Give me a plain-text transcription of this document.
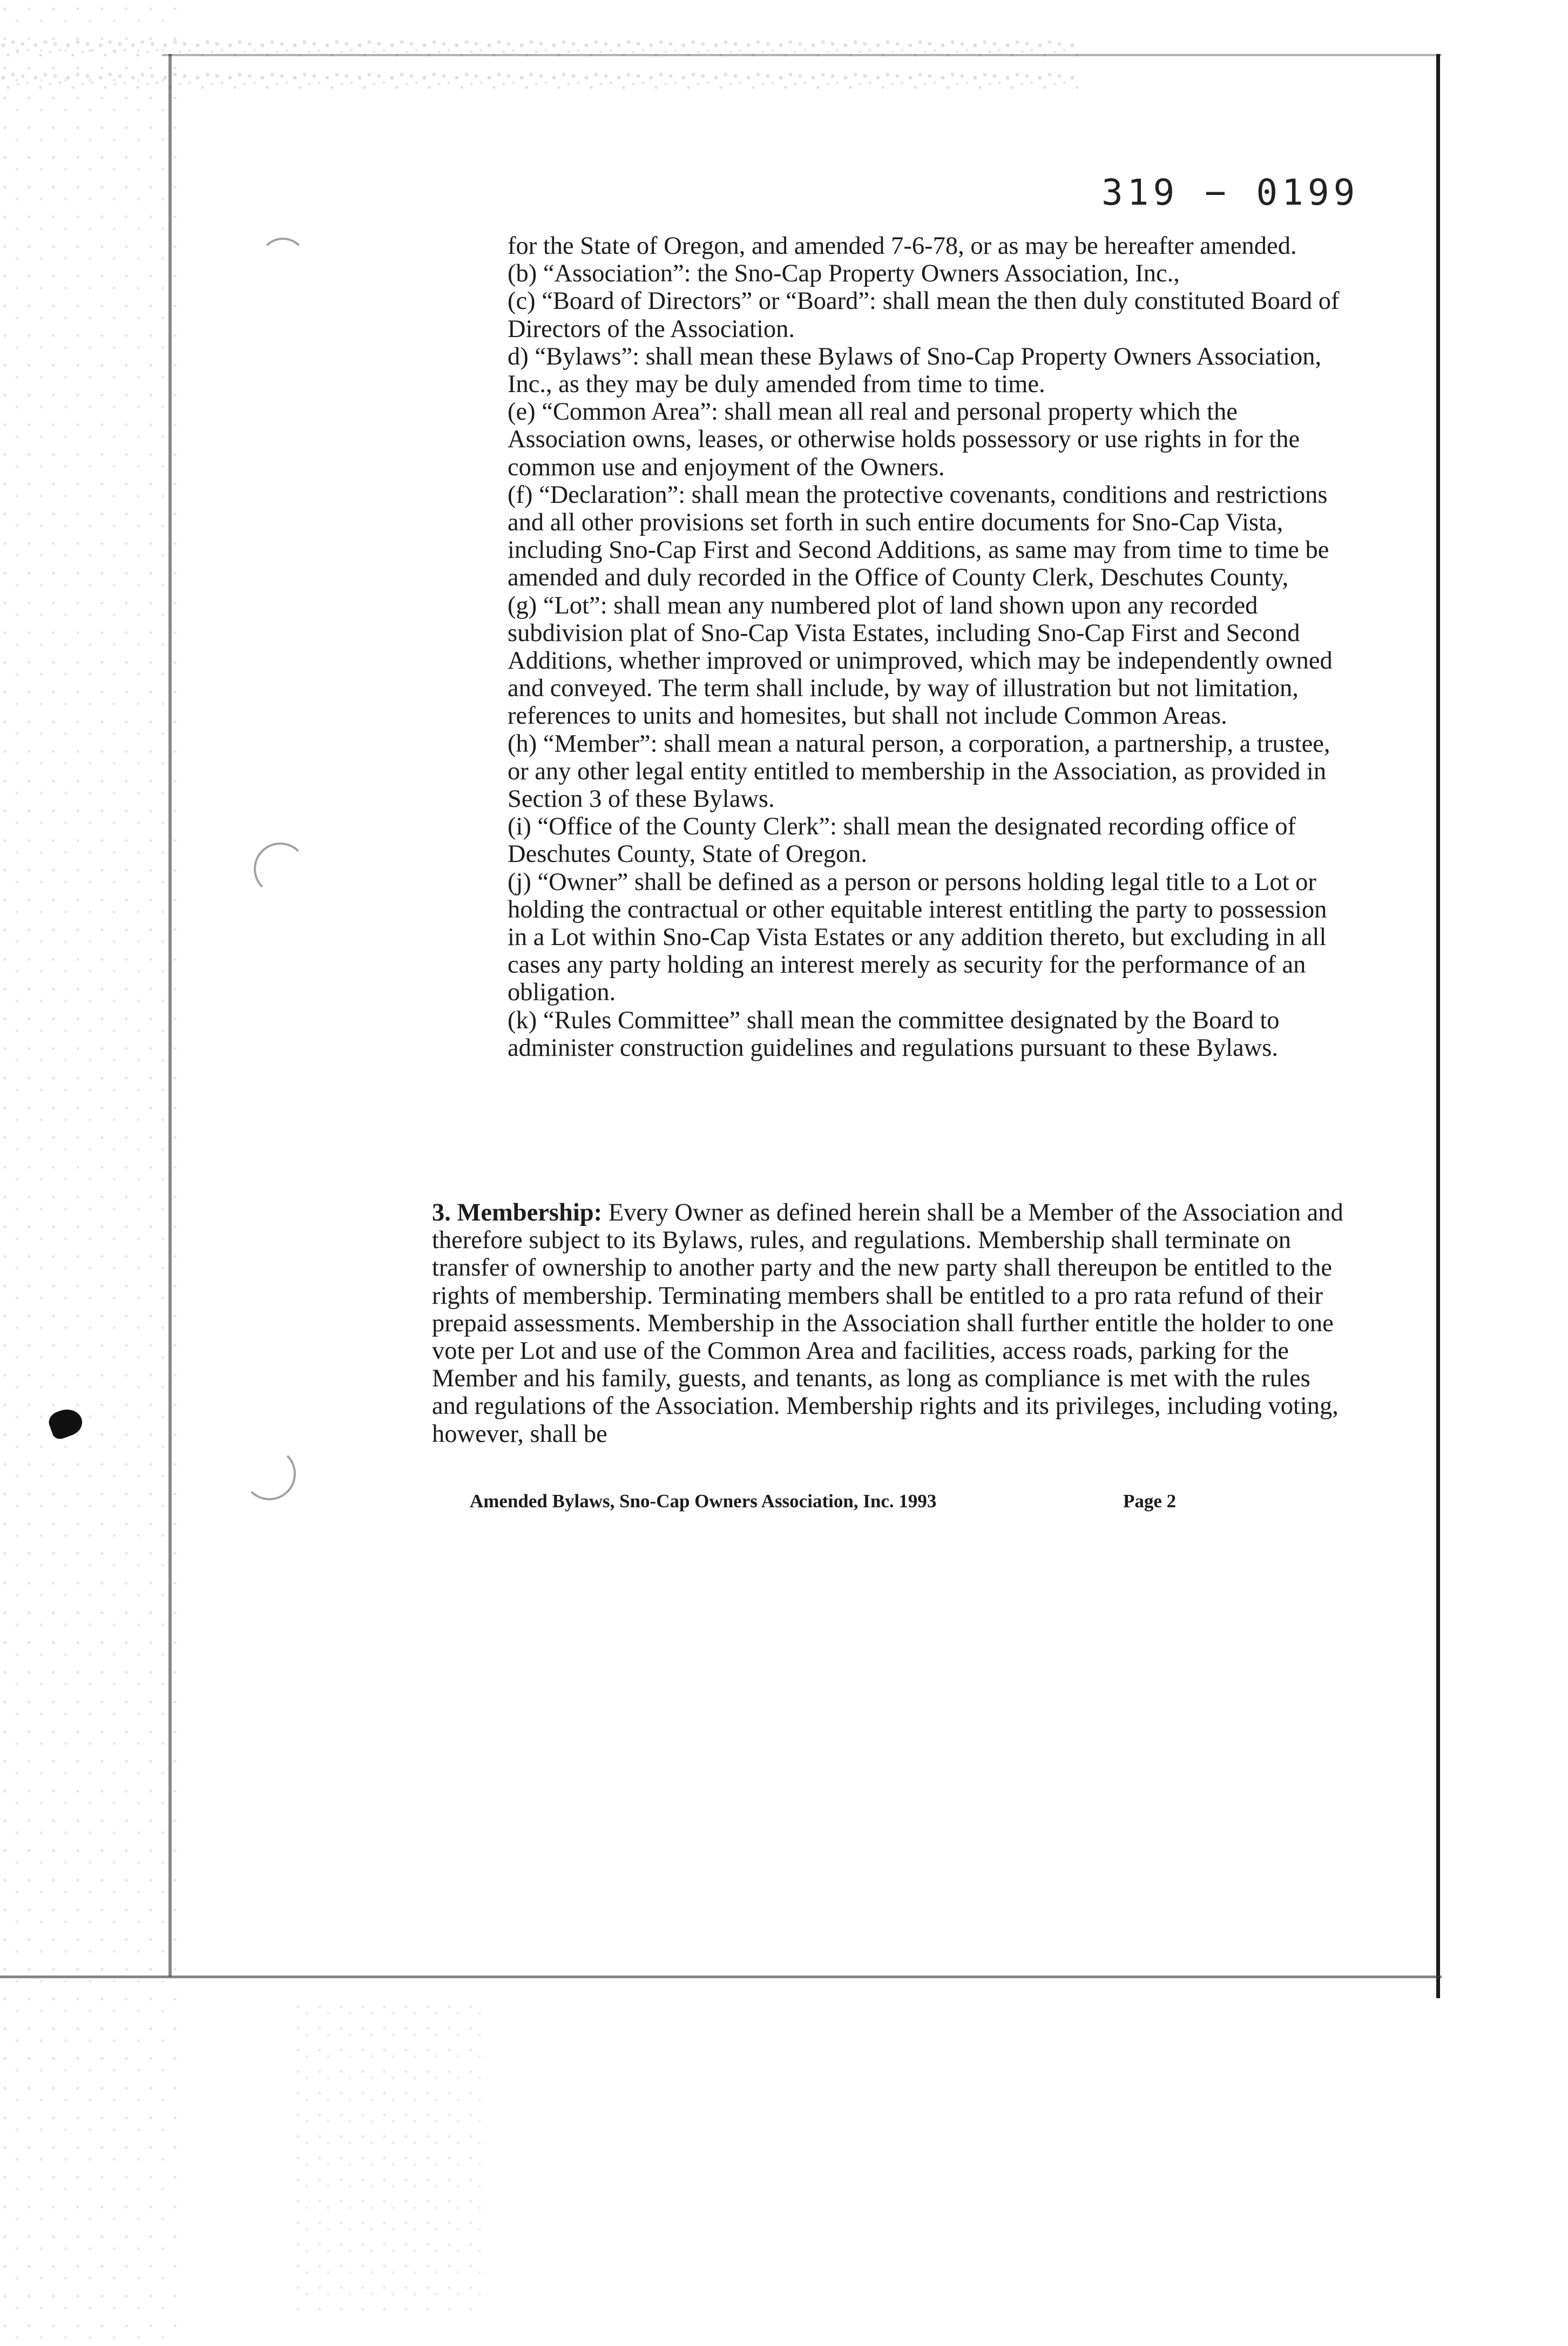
319 − 0199

for the State of Oregon, and amended 7-6-78, or as may be hereafter amended.

(b) “Association”: the Sno-Cap Property Owners Association, Inc.,

(c) “Board of Directors” or “Board”: shall mean the then duly constituted Board of Directors of the Association.

d) “Bylaws”: shall mean these Bylaws of Sno-Cap Property Owners Association, Inc., as they may be duly amended from time to time.

(e) “Common Area”: shall mean all real and personal property which the Association owns, leases, or otherwise holds possessory or use rights in for the common use and enjoyment of the Owners.

(f) “Declaration”: shall mean the protective covenants, conditions and restrictions and all other provisions set forth in such entire documents for Sno-Cap Vista, including Sno-Cap First and Second Additions, as same may from time to time be amended and duly recorded in the Office of County Clerk, Deschutes County,

(g) “Lot”: shall mean any numbered plot of land shown upon any recorded subdivision plat of Sno-Cap Vista Estates, including Sno-Cap First and Second Additions, whether improved or unimproved, which may be independently owned and conveyed. The term shall include, by way of illustration but not limitation, references to units and homesites, but shall not include Common Areas.

(h) “Member”: shall mean a natural person, a corporation, a partnership, a trustee, or any other legal entity entitled to membership in the Association, as provided in Section 3 of these Bylaws.

(i) “Office of the County Clerk”: shall mean the designated recording office of Deschutes County, State of Oregon.

(j) “Owner” shall be defined as a person or persons holding legal title to a Lot or holding the contractual or other equitable interest entitling the party to possession in a Lot within Sno-Cap Vista Estates or any addition thereto, but excluding in all cases any party holding an interest merely as security for the performance of an obligation.

(k) “Rules Committee” shall mean the committee designated by the Board to administer construction guidelines and regulations pursuant to these Bylaws.

3. Membership: Every Owner as defined herein shall be a Member of the Association and therefore subject to its Bylaws, rules, and regulations. Membership shall terminate on transfer of ownership to another party and the new party shall thereupon be entitled to the rights of membership. Terminating members shall be entitled to a pro rata refund of their prepaid assessments. Membership in the Association shall further entitle the holder to one vote per Lot and use of the Common Area and facilities, access roads, parking for the Member and his family, guests, and tenants, as long as compliance is met with the rules and regulations of the Association. Membership rights and its privileges, including voting, however, shall be

Amended Bylaws, Sno-Cap Owners Association, Inc. 1993	Page 2
